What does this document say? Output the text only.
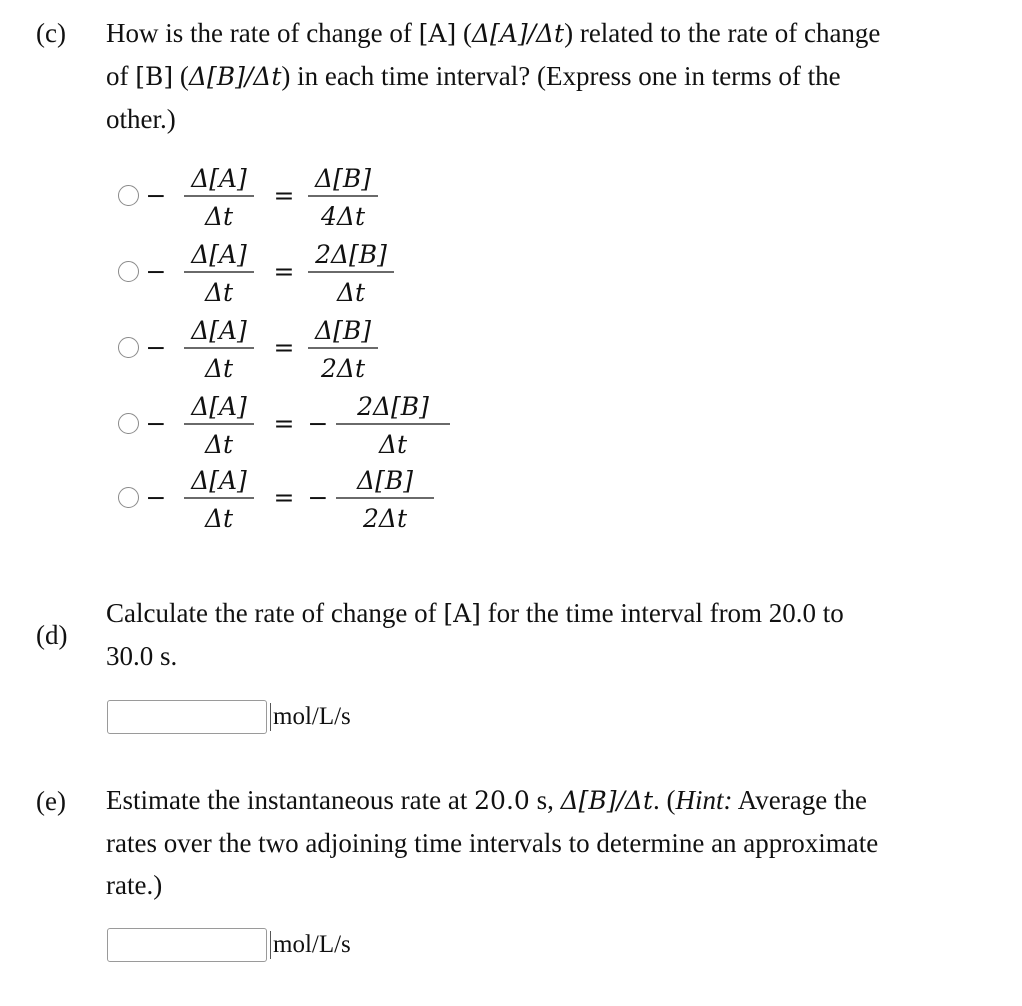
(c) How is the rate of change of [A] (Δ[A]/Δt) related to the rate of change
of [B] (Δ[B]/Δt) in each time interval? (Express one in terms of the
other.)
−
Δ[A]
Δt
=
Δ[B]
4Δt
−
Δ[A]
Δt
=
2Δ[B]
Δt
−
Δ[A]
Δt
=
Δ[B]
2Δt
−
Δ[A]
Δt
= −
2Δ[B]
Δt
−
Δ[A]
Δt
= −
Δ[B]
2Δt
(d)
Calculate the rate of change of [A] for the time interval from 20.0 to
30.0 s.
mol/L/s
(e) Estimate the instantaneous rate at 20.0 s, Δ[B]/Δt. (Hint: Average the
rates over the two adjoining time intervals to determine an approximate
rate.)
mol/L/s
